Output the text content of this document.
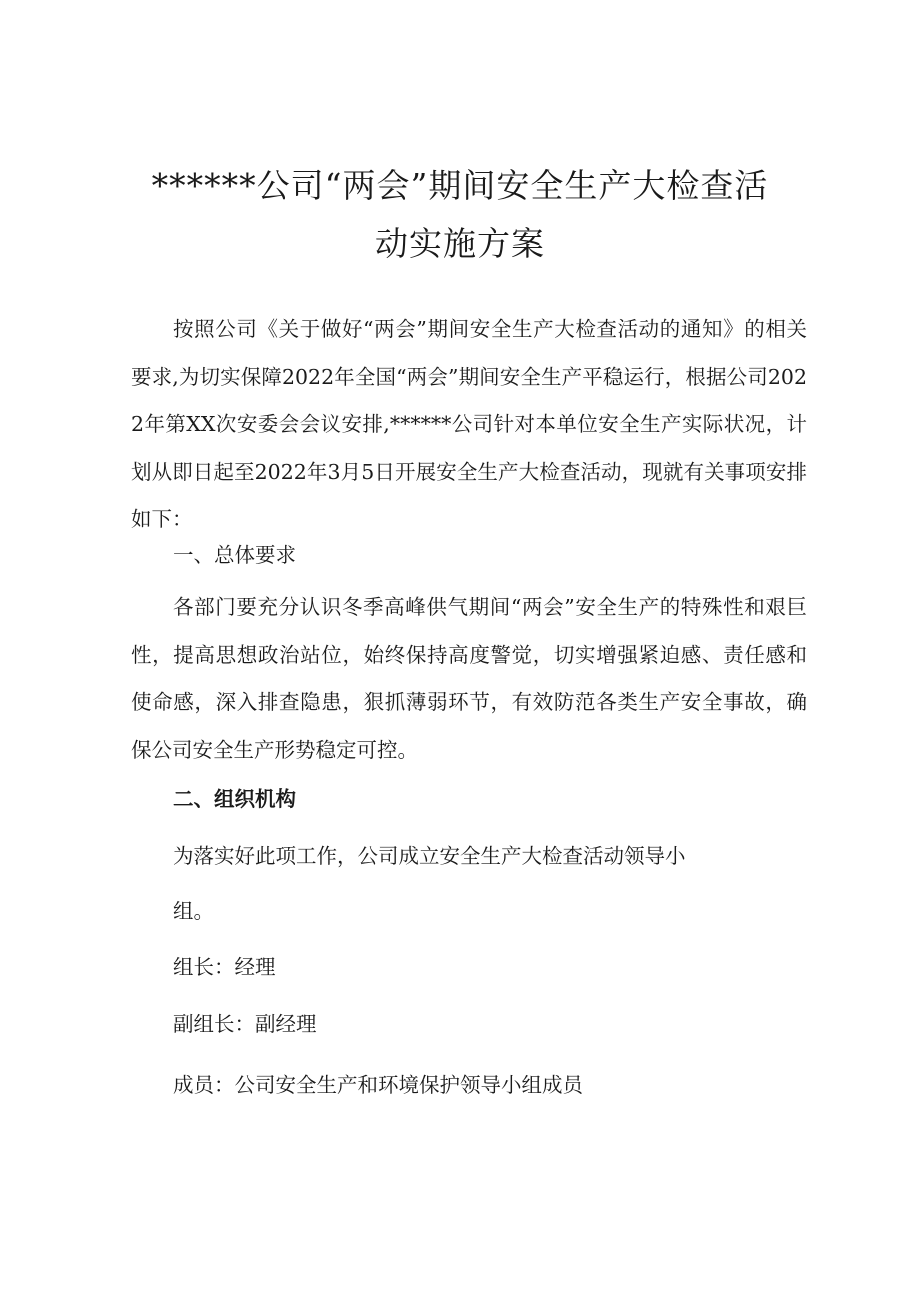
******公司“两会”期间安全生产大检查活
动实施方案

按照公司《关于做好“两会”期间安全生产大检查活动的通知》的相关要求,为切实保障2022年全国“两会”期间安全生产平稳运行，根据公司2022年第XX次安委会会议安排,******公司针对本单位安全生产实际状况，计划从即日起至2022年3月5日开展安全生产大检查活动，现就有关事项安排如下：

一、总体要求

各部门要充分认识冬季高峰供气期间“两会”安全生产的特殊性和艰巨性，提高思想政治站位，始终保持高度警觉，切实增强紧迫感、责任感和使命感，深入排查隐患，狠抓薄弱环节，有效防范各类生产安全事故，确保公司安全生产形势稳定可控。

二、组织机构

为落实好此项工作，公司成立安全生产大检查活动领导小

组。

组长：经理

副组长：副经理

成员：公司安全生产和环境保护领导小组成员
